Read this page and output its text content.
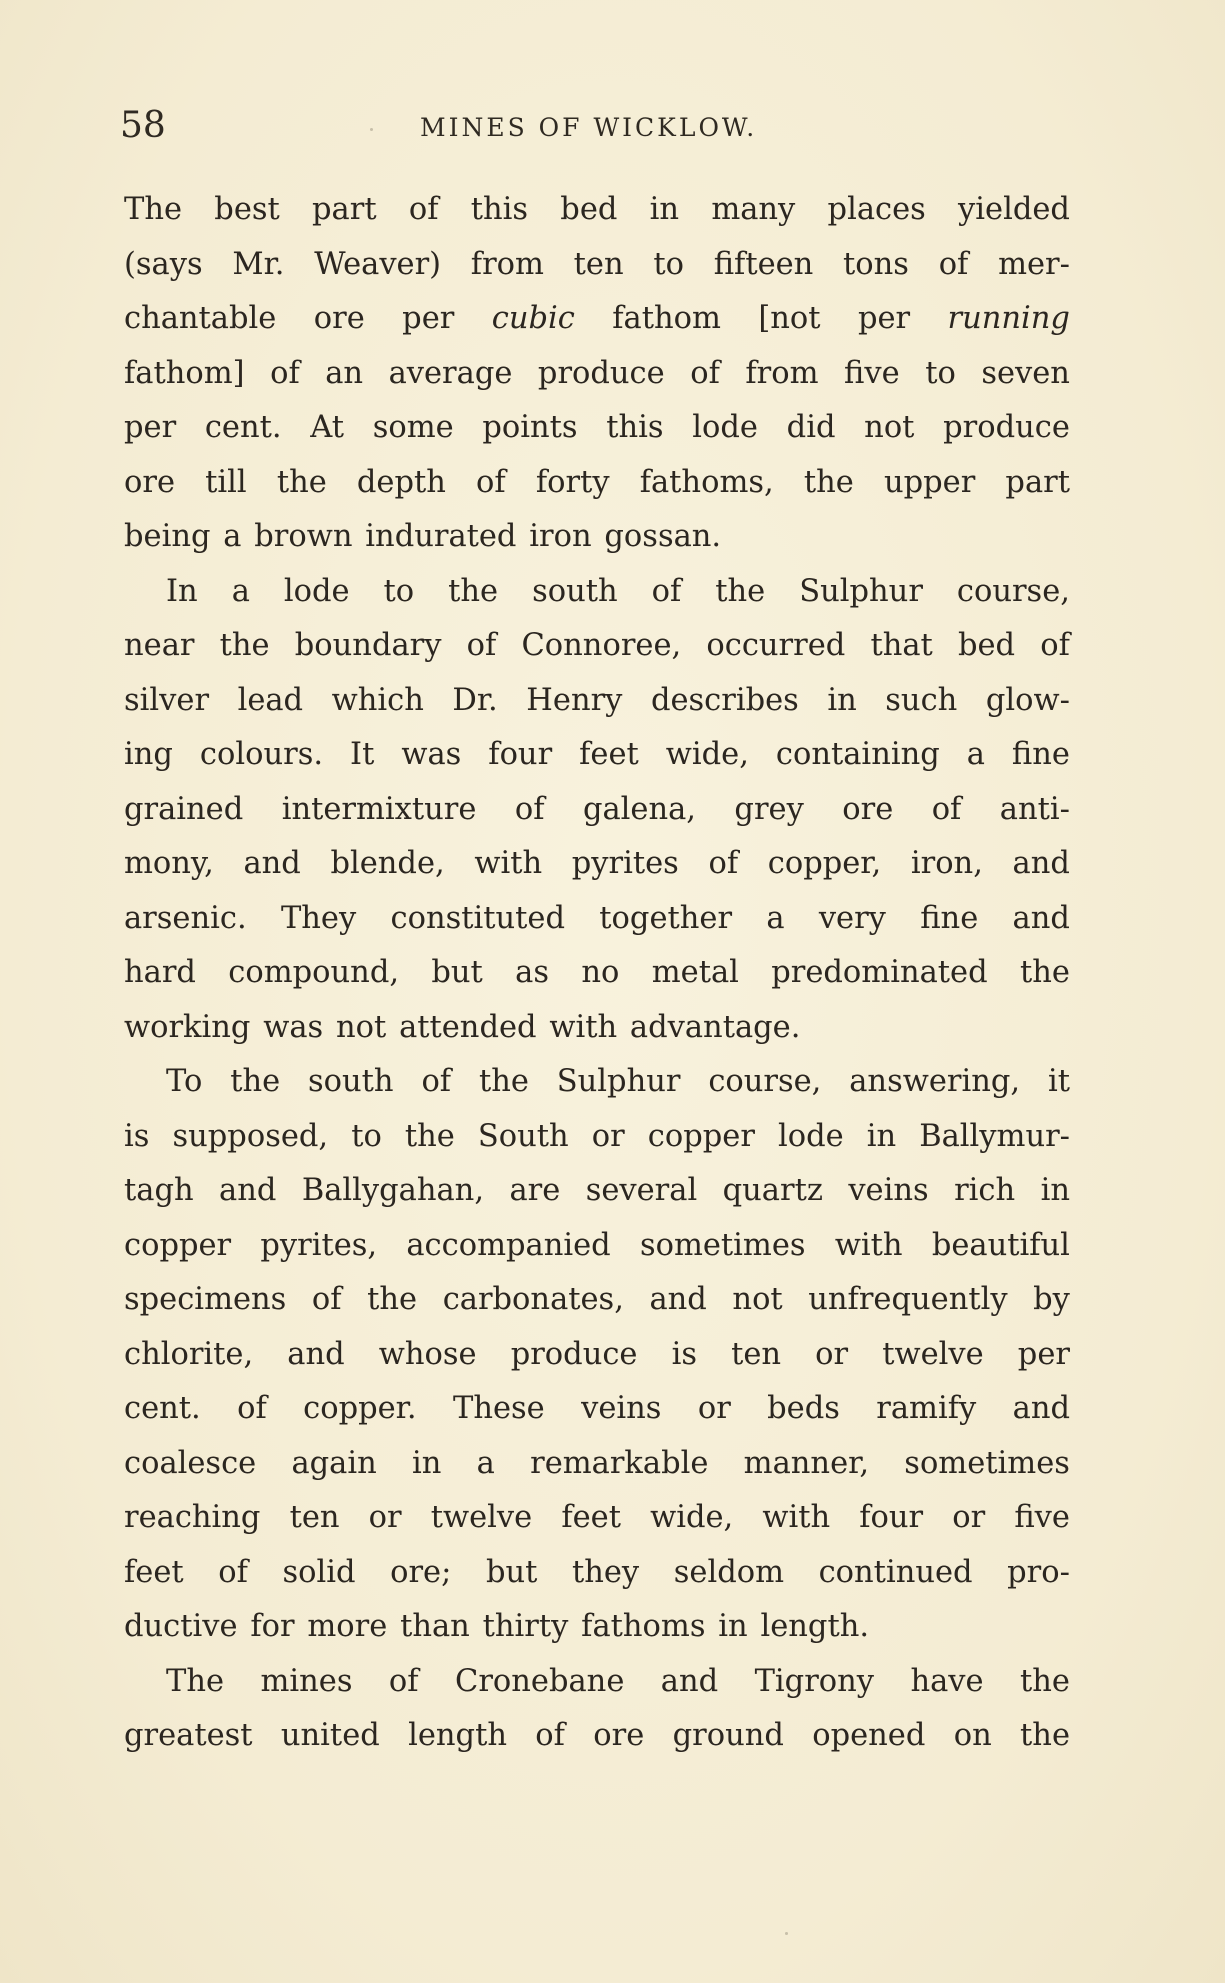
58	MINES OF WICKLOW.
The best part of this bed in many places yielded
(says Mr. Weaver) from ten to fifteen tons of mer-
chantable ore per cubic fathom [not per running
fathom] of an average produce of from five to seven
per cent. At some points this lode did not produce
ore till the depth of forty fathoms, the upper part
being a brown indurated iron gossan.
In a lode to the south of the Sulphur course,
near the boundary of Connoree, occurred that bed of
silver lead which Dr. Henry describes in such glow-
ing colours. It was four feet wide, containing a fine
grained intermixture of galena, grey ore of anti-
mony, and blende, with pyrites of copper, iron, and
arsenic. They constituted together a very fine and
hard compound, but as no metal predominated the
working was not attended with advantage.
To the south of the Sulphur course, answering, it
is supposed, to the South or copper lode in Ballymur-
tagh and Ballygahan, are several quartz veins rich in
copper pyrites, accompanied sometimes with beautiful
specimens of the carbonates, and not unfrequently by
chlorite, and whose produce is ten or twelve per
cent. of copper. These veins or beds ramify and
coalesce again in a remarkable manner, sometimes
reaching ten or twelve feet wide, with four or five
feet of solid ore; but they seldom continued pro-
ductive for more than thirty fathoms in length.
The mines of Cronebane and Tigrony have the
greatest united length of ore ground opened on the
